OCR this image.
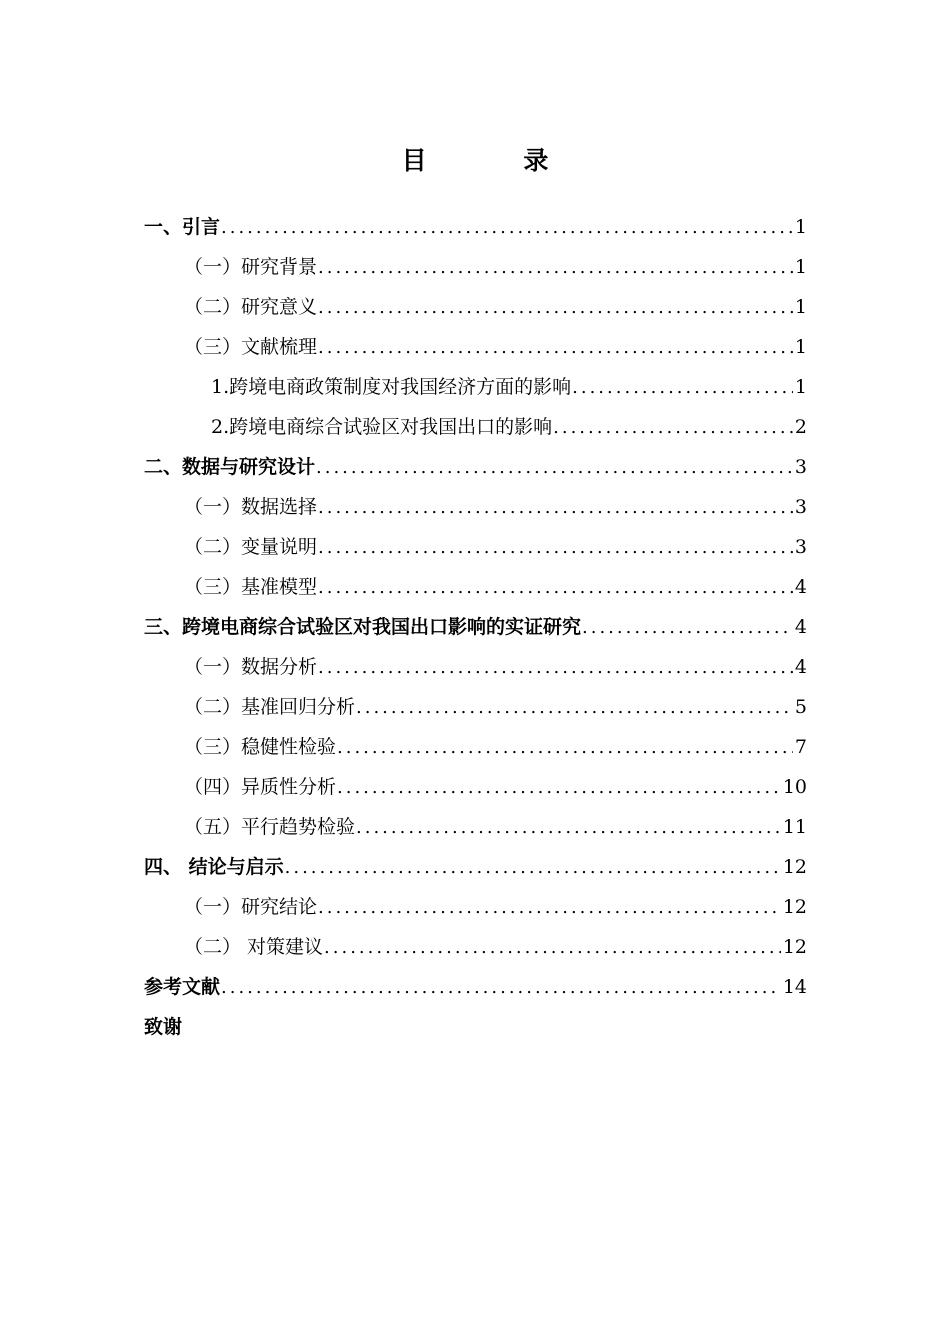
目 录
一、引言 .....	1
（一）研究背景 .....	1
（二）研究意义 .....	1
（三）文献梳理 .....	1
1.跨境电商政策制度对我国经济方面的影响 .....	1
2.跨境电商综合试验区对我国出口的影响 .....	2
二、数据与研究设计 .....	3
（一）数据选择 .....	3
（二）变量说明 .....	3
（三）基准模型 .....	4
三、跨境电商综合试验区对我国出口影响的实证研究 .....	4
（一）数据分析 .....	4
（二）基准回归分析 .....	5
（三）稳健性检验 .....	7
（四）异质性分析 .....	10
（五）平行趋势检验 .....	11
四、 结论与启示 .....	12
（一）研究结论 .....	12
（二） 对策建议 .....	12
参考文献 .....	14
致谢
